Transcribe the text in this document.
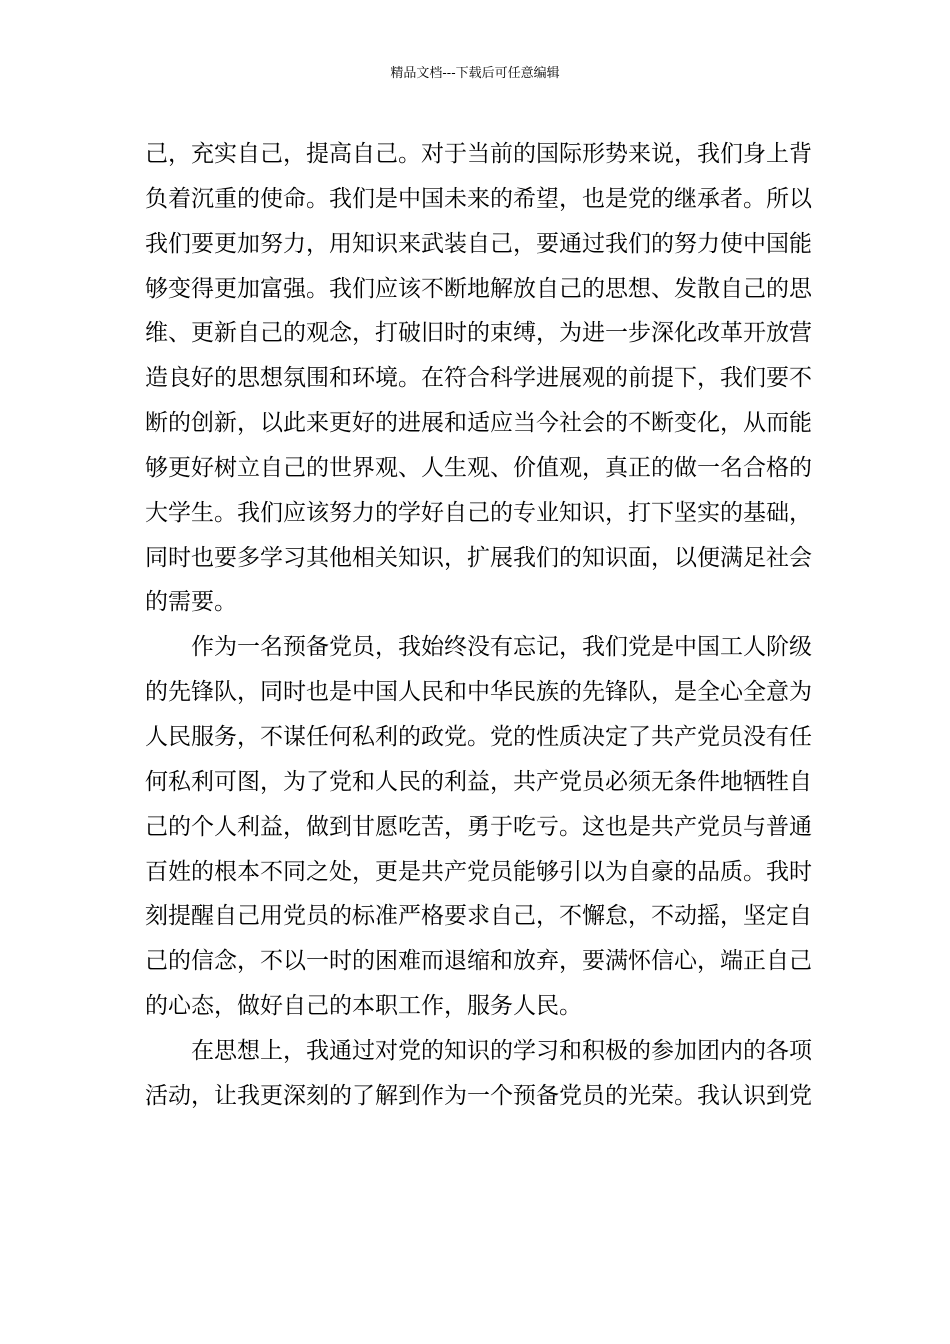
精品文档---下载后可任意编辑
己，充实自己，提高自己。对于当前的国际形势来说，我们身上背
负着沉重的使命。我们是中国未来的希望，也是党的继承者。所以
我们要更加努力，用知识来武装自己，要通过我们的努力使中国能
够变得更加富强。我们应该不断地解放自己的思想、发散自己的思
维、更新自己的观念，打破旧时的束缚，为进一步深化改革开放营
造良好的思想氛围和环境。在符合科学进展观的前提下，我们要不
断的创新，以此来更好的进展和适应当今社会的不断变化，从而能
够更好树立自己的世界观、人生观、价值观，真正的做一名合格的
大学生。我们应该努力的学好自己的专业知识，打下坚实的基础，
同时也要多学习其他相关知识，扩展我们的知识面，以便满足社会
的需要。
作为一名预备党员，我始终没有忘记，我们党是中国工人阶级
的先锋队，同时也是中国人民和中华民族的先锋队，是全心全意为
人民服务，不谋任何私利的政党。党的性质决定了共产党员没有任
何私利可图，为了党和人民的利益，共产党员必须无条件地牺牲自
己的个人利益，做到甘愿吃苦，勇于吃亏。这也是共产党员与普通
百姓的根本不同之处，更是共产党员能够引以为自豪的品质。我时
刻提醒自己用党员的标准严格要求自己，不懈怠，不动摇，坚定自
己的信念，不以一时的困难而退缩和放弃，要满怀信心，端正自己
的心态，做好自己的本职工作，服务人民。
在思想上，我通过对党的知识的学习和积极的参加团内的各项
活动，让我更深刻的了解到作为一个预备党员的光荣。我认识到党
